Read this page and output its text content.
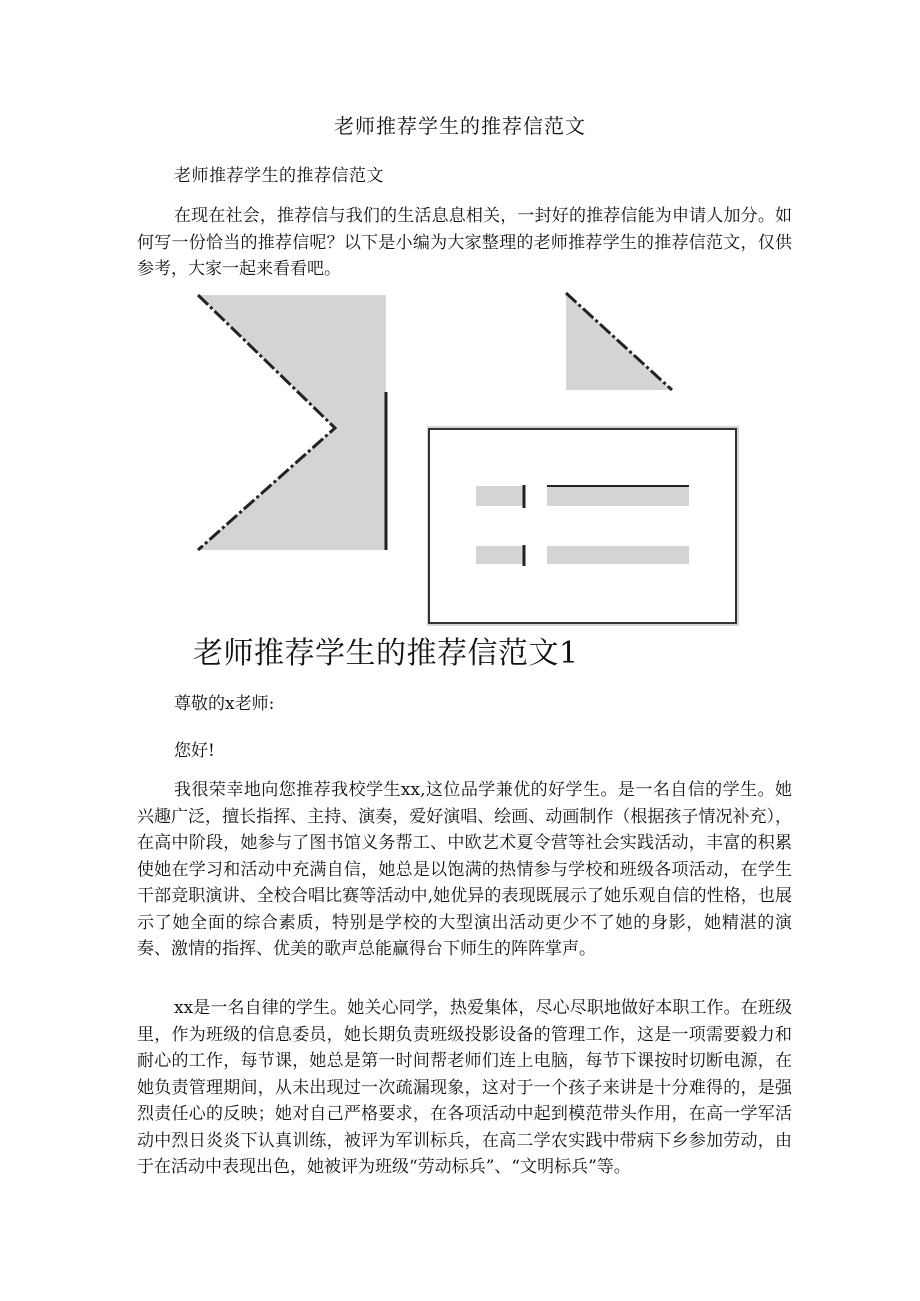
老师推荐学生的推荐信范文
老师推荐学生的推荐信范文

在现在社会，推荐信与我们的生活息息相关，一封好的推荐信能为申请人加分。如何写一份恰当的推荐信呢？以下是小编为大家整理的老师推荐学生的推荐信范文，仅供参考，大家一起来看看吧。

老师推荐学生的推荐信范文1
尊敬的x老师:
您好!

我很荣幸地向您推荐我校学生xx,这位品学兼优的好学生。是一名自信的学生。她兴趣广泛，擅长指挥、主持、演奏，爱好演唱、绘画、动画制作（根据孩子情况补充），在高中阶段，她参与了图书馆义务帮工、中欧艺术夏令营等社会实践活动，丰富的积累使她在学习和活动中充满自信，她总是以饱满的热情参与学校和班级各项活动，在学生干部竞职演讲、全校合唱比赛等活动中,她优异的表现既展示了她乐观自信的性格，也展示了她全面的综合素质，特别是学校的大型演出活动更少不了她的身影，她精湛的演奏、激情的指挥、优美的歌声总能赢得台下师生的阵阵掌声。

xx是一名自律的学生。她关心同学，热爱集体，尽心尽职地做好本职工作。在班级里，作为班级的信息委员，她长期负责班级投影设备的管理工作，这是一项需要毅力和耐心的工作，每节课，她总是第一时间帮老师们连上电脑，每节下课按时切断电源，在她负责管理期间，从未出现过一次疏漏现象，这对于一个孩子来讲是十分难得的，是强烈责任心的反映；她对自己严格要求，在各项活动中起到模范带头作用，在高一学军活动中烈日炎炎下认真训练，被评为军训标兵，在高二学农实践中带病下乡参加劳动，由于在活动中表现出色，她被评为班级“劳动标兵”、“文明标兵”等。
